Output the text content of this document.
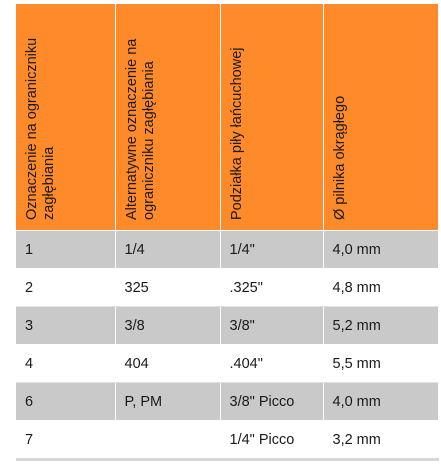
Oznaczenie na ograniczniku zagłębiania	Alternatywne oznaczenie na ograniczniku zagłębiania	Podziałka piły łańcuchowej	Ø pilnika okrągłego

1	1/4	1/4"	4,0 mm
2	325	.325"	4,8 mm
3	3/8	3/8"	5,2 mm
4	404	.404"	5,5 mm
6	P, PM	3/8" Picco	4,0 mm
7		1/4" Picco	3,2 mm
